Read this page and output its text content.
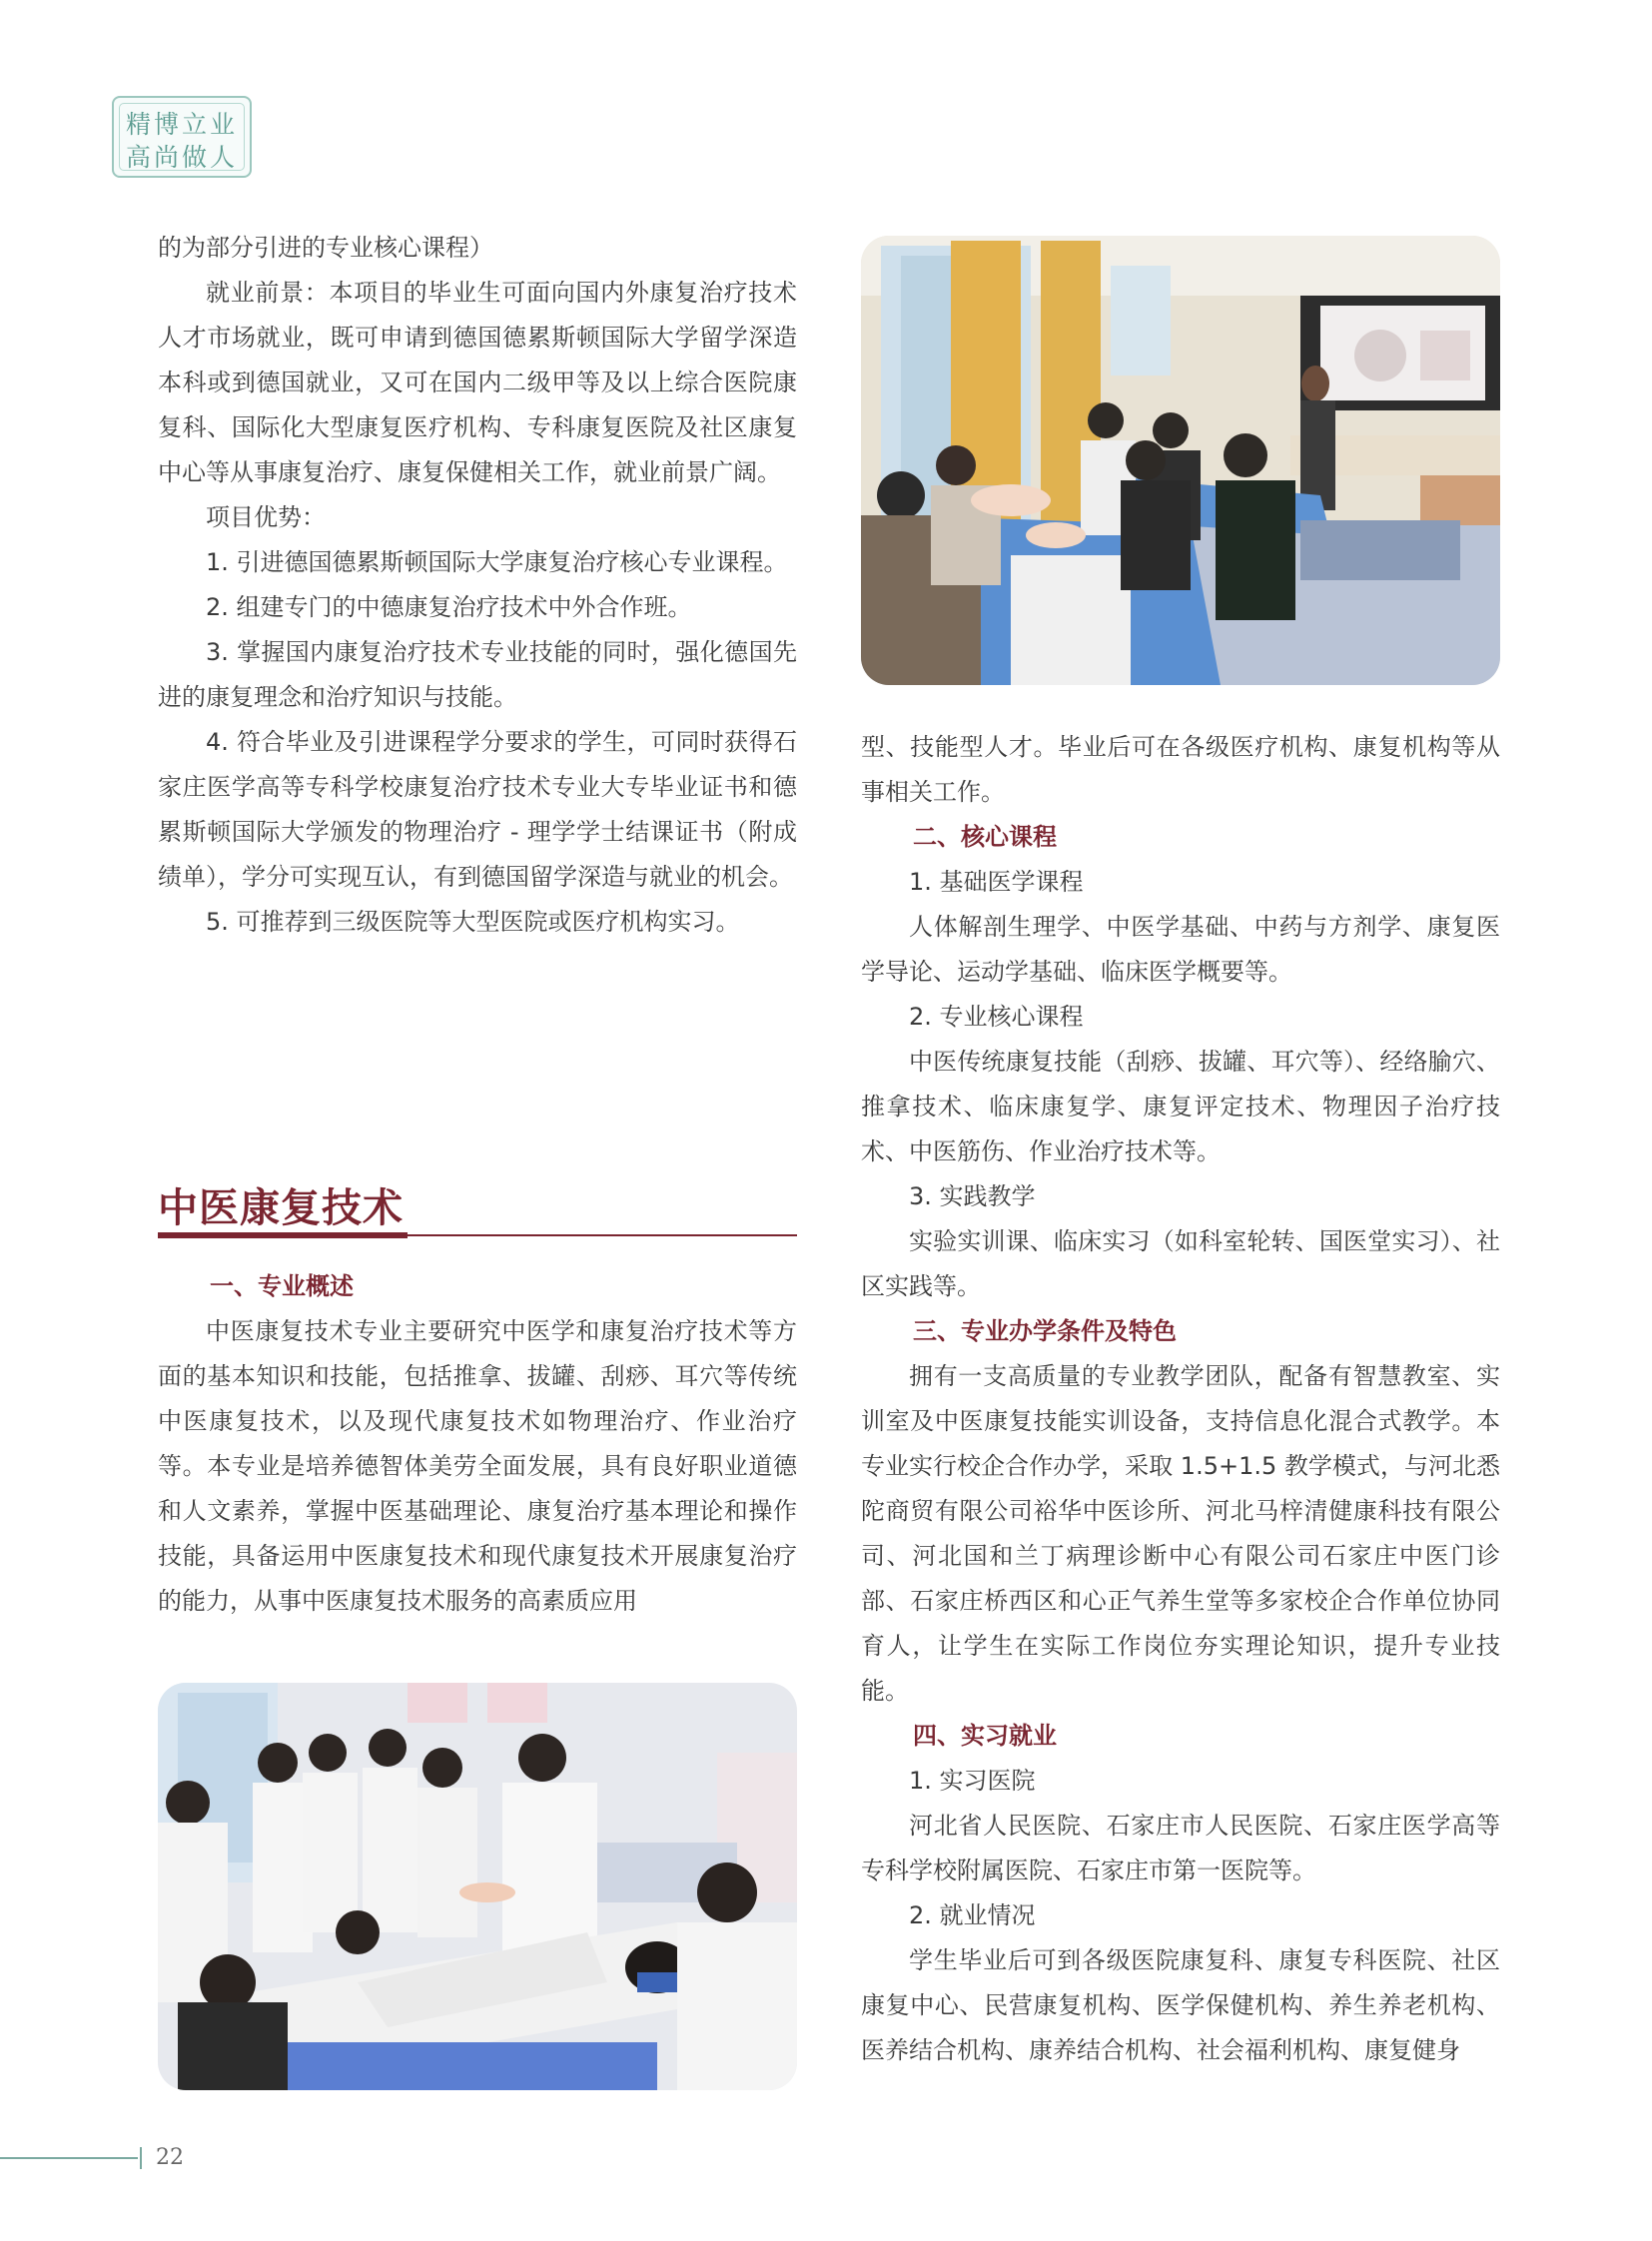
精博立业
高尚做人

的为部分引进的专业核心课程）

就业前景：本项目的毕业生可面向国内外康复治疗技术人才市场就业，既可申请到德国德累斯顿国际大学留学深造本科或到德国就业，又可在国内二级甲等及以上综合医院康复科、国际化大型康复医疗机构、专科康复医院及社区康复中心等从事康复治疗、康复保健相关工作，就业前景广阔。

项目优势：

1. 引进德国德累斯顿国际大学康复治疗核心专业课程。

2. 组建专门的中德康复治疗技术中外合作班。

3. 掌握国内康复治疗技术专业技能的同时，强化德国先进的康复理念和治疗知识与技能。

4. 符合毕业及引进课程学分要求的学生，可同时获得石家庄医学高等专科学校康复治疗技术专业大专毕业证书和德累斯顿国际大学颁发的物理治疗 - 理学学士结课证书（附成绩单），学分可实现互认，有到德国留学深造与就业的机会。

5. 可推荐到三级医院等大型医院或医疗机构实习。

中医康复技术

一、专业概述

中医康复技术专业主要研究中医学和康复治疗技术等方面的基本知识和技能，包括推拿、拔罐、刮痧、耳穴等传统中医康复技术，以及现代康复技术如物理治疗、作业治疗等。本专业是培养德智体美劳全面发展，具有良好职业道德和人文素养，掌握中医基础理论、康复治疗基本理论和操作技能，具备运用中医康复技术和现代康复技术开展康复治疗的能力，从事中医康复技术服务的高素质应用

型、技能型人才。毕业后可在各级医疗机构、康复机构等从事相关工作。

二、核心课程

1. 基础医学课程

人体解剖生理学、中医学基础、中药与方剂学、康复医学导论、运动学基础、临床医学概要等。

2. 专业核心课程

中医传统康复技能（刮痧、拔罐、耳穴等）、经络腧穴、推拿技术、临床康复学、康复评定技术、物理因子治疗技术、中医筋伤、作业治疗技术等。

3. 实践教学

实验实训课、临床实习（如科室轮转、国医堂实习）、社区实践等。

三、专业办学条件及特色

拥有一支高质量的专业教学团队，配备有智慧教室、实训室及中医康复技能实训设备，支持信息化混合式教学。本专业实行校企合作办学，采取 1.5+1.5 教学模式，与河北悉陀商贸有限公司裕华中医诊所、河北马梓清健康科技有限公司、河北国和兰丁病理诊断中心有限公司石家庄中医门诊部、石家庄桥西区和心正气养生堂等多家校企合作单位协同育人，让学生在实际工作岗位夯实理论知识，提升专业技能。

四、实习就业

1. 实习医院

河北省人民医院、石家庄市人民医院、石家庄医学高等专科学校附属医院、石家庄市第一医院等。

2. 就业情况

学生毕业后可到各级医院康复科、康复专科医院、社区康复中心、民营康复机构、医学保健机构、养生养老机构、医养结合机构、康养结合机构、社会福利机构、康复健身

22
